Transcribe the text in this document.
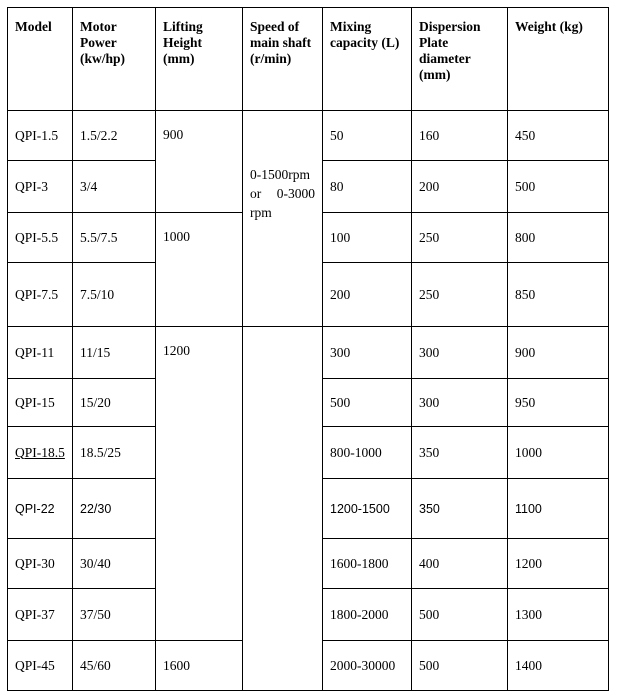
Model	Motor Power (kw/hp)	Lifting Height (mm)	Speed of main shaft (r/min)	Mixing capacity (L)	Dispersion Plate diameter (mm)	Weight (kg)
QPI-1.5	1.5/2.2	900	0-1500rpm or 0-3000 rpm	50	160	450
QPI-3	3/4			80	200	500
QPI-5.5	5.5/7.5	1000		100	250	800
QPI-7.5	7.5/10			200	250	850
QPI-11	11/15	1200		300	300	900
QPI-15	15/20			500	300	950
QPI-18.5	18.5/25			800-1000	350	1000
QPI-22	22/30			1200-1500	350	1100
QPI-30	30/40			1600-1800	400	1200
QPI-37	37/50			1800-2000	500	1300
QPI-45	45/60	1600		2000-30000	500	1400
